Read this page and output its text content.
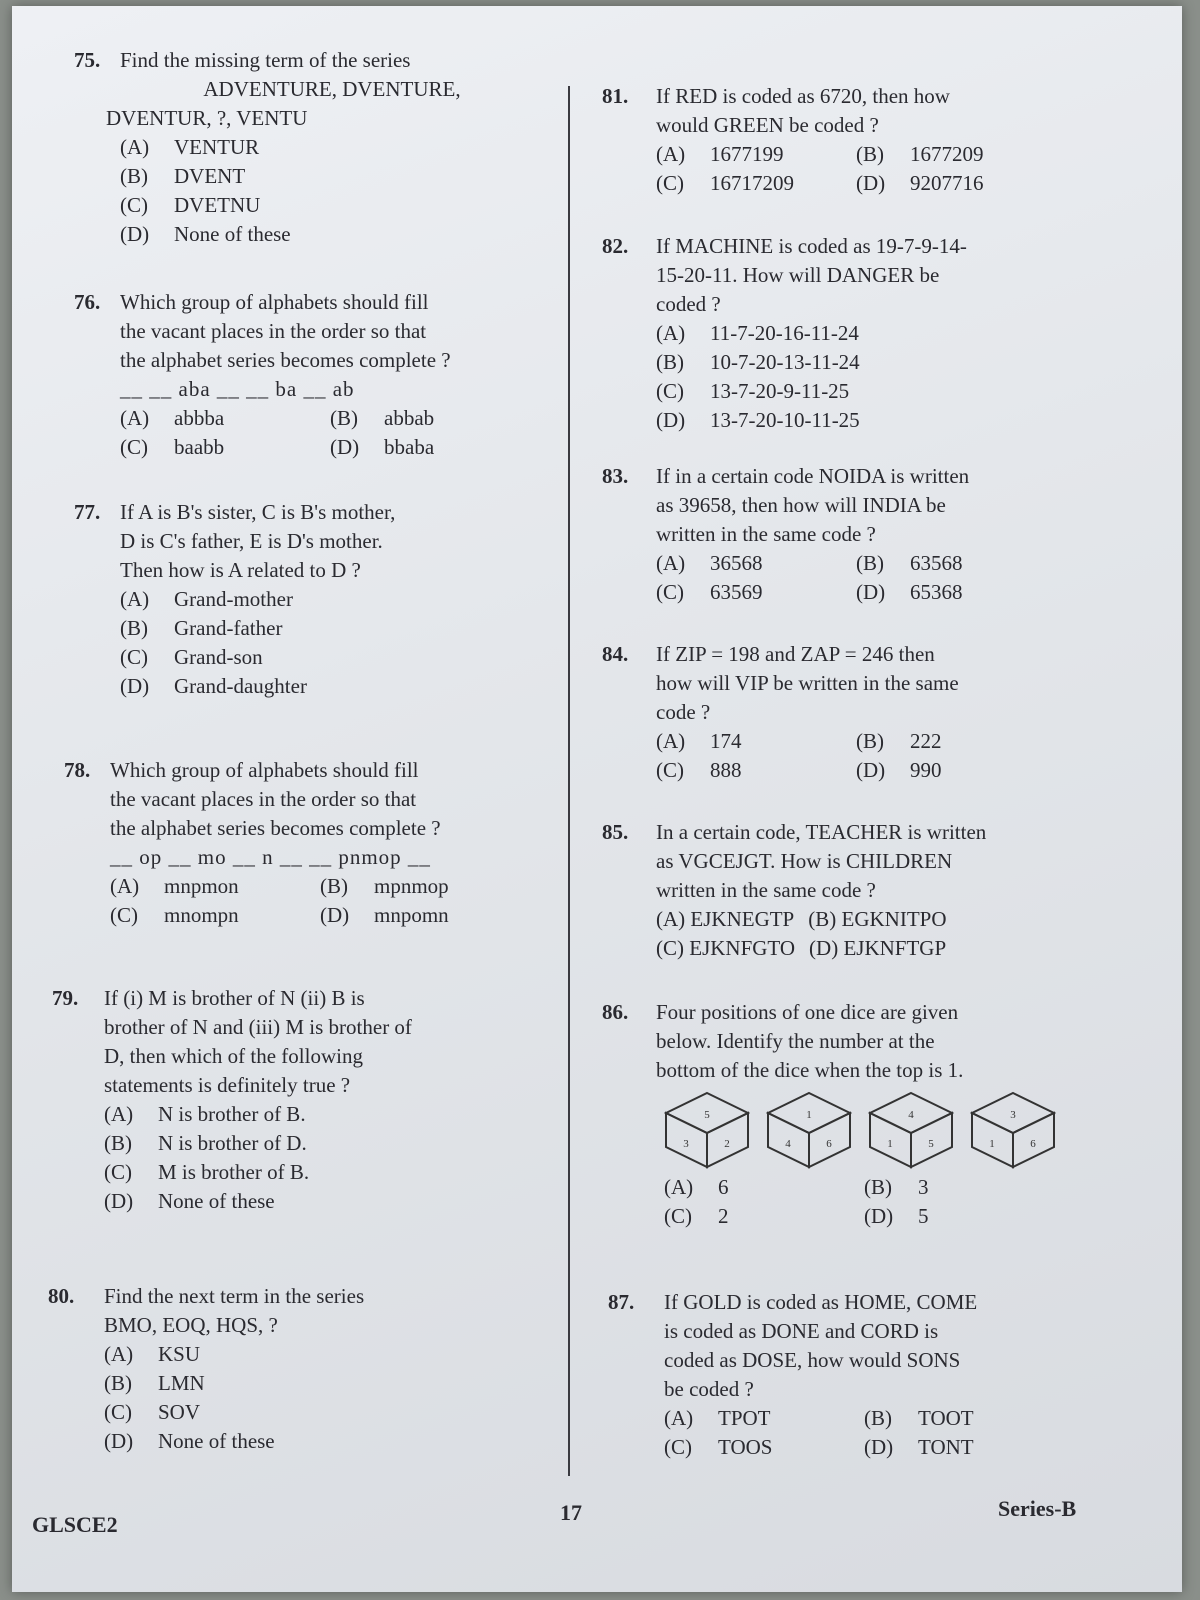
75. Find the missing term of the series

ADVENTURE, DVENTURE,

DVENTUR, ?, VENTU
(A) VENTUR
(B) DVENT
(C) DVETNU
(D) None of these
76. Which group of alphabets should fill

the vacant places in the order so that

the alphabet series becomes complete ?

__ __ aba __ __ ba __ ab

(A) abbba	(B) abbab
(C) baabb	(D) bbaba
77. If A is B's sister, C is B's mother,

D is C's father, E is D's mother.

Then how is A related to D ?

(A) Grand-mother
(B) Grand-father
(C) Grand-son
(D) Grand-daughter
78. Which group of alphabets should fill

the vacant places in the order so that

the alphabet series becomes complete ?

__ op __ mo __ n __ __ pnmop __

(A) mnpmon	(B) mpnmop
(C) mnompn	(D) mnpomn
79. If (i) M is brother of N (ii) B is

brother of N and (iii) M is brother of

D, then which of the following

statements is definitely true ?

(A) N is brother of B.
(B) N is brother of D.
(C) M is brother of B.
(D) None of these
80. Find the next term in the series

BMO, EOQ, HQS, ?

(A) KSU
(B) LMN
(C) SOV
(D) None of these
81. If RED is coded as 6720, then how

would GREEN be coded ?

(A) 1677199	(B) 1677209
(C) 16717209	(D) 9207716
82. If MACHINE is coded as 19-7-9-14-

15-20-11. How will DANGER be

coded ?

(A) 11-7-20-16-11-24
(B) 10-7-20-13-11-24
(C) 13-7-20-9-11-25
(D) 13-7-20-10-11-25
83. If in a certain code NOIDA is written

as 39658, then how will INDIA be

written in the same code ?

(A) 36568	(B) 63568
(C) 63569	(D) 65368
84. If ZIP = 198 and ZAP = 246 then

how will VIP be written in the same

code ?

(A) 174	(B) 222
(C) 888	(D) 990
85. In a certain code, TEACHER is written

as VGCEJGT. How is CHILDREN

written in the same code ?

(A) EJKNEGTP (B) EGKNITPO
(C) EJKNFGTO (D) EJKNFTGP
86. Four positions of one dice are given

below. Identify the number at the

bottom of the dice when the top is 1.

5
3	2
1
4	6
4
1	5
3
1	6
(A) 6	(B) 3
(C) 2	(D) 5
87. If GOLD is coded as HOME, COME

is coded as DONE and CORD is

coded as DOSE, how would SONS

be coded ?

(A) TPOT	(B) TOOT
(C) TOOS	(D) TONT
GLSCE2	17	Series-B
